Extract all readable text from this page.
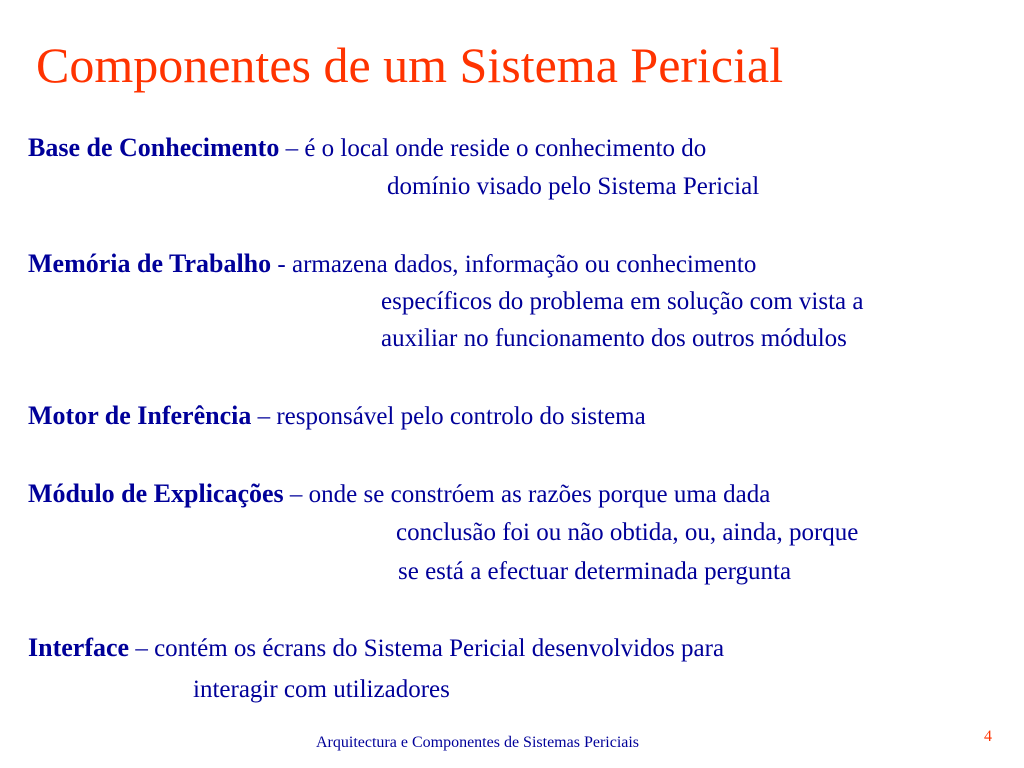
Componentes de um Sistema Pericial
Base de Conhecimento – é o local onde reside o conhecimento do
domínio visado pelo Sistema Pericial
Memória de Trabalho - armazena dados, informação ou conhecimento
específicos do problema em solução com vista a
auxiliar no funcionamento dos outros módulos
Motor de Inferência – responsável pelo controlo do sistema
Módulo de Explicações – onde se constróem as razões porque uma dada
conclusão foi ou não obtida, ou, ainda, porque
se está a efectuar determinada pergunta
Interface – contém os écrans do Sistema Pericial desenvolvidos para
interagir com utilizadores
Arquitectura e Componentes de Sistemas Periciais	4
